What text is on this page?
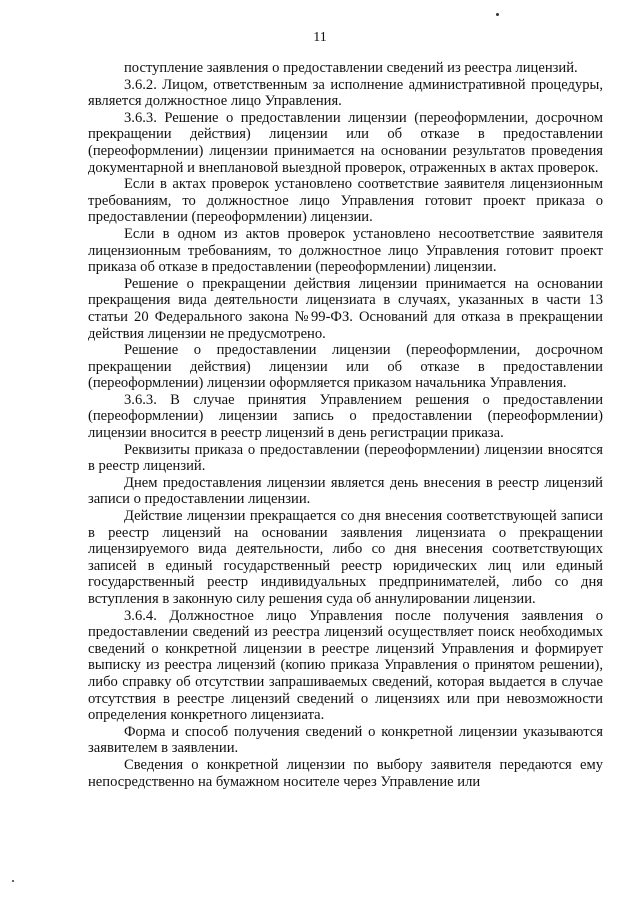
11

поступление заявления о предоставлении сведений из реестра лицензий.

3.6.2. Лицом, ответственным за исполнение административной процедуры, является должностное лицо Управления.

3.6.3. Решение о предоставлении лицензии (переоформлении, досрочном прекращении действия) лицензии или об отказе в предоставлении (переоформлении) лицензии принимается на основании результатов проведения документарной и внеплановой выездной проверок, отраженных в актах проверок.

Если в актах проверок установлено соответствие заявителя лицензионным требованиям, то должностное лицо Управления готовит проект приказа о предоставлении (переоформлении) лицензии.

Если в одном из актов проверок установлено несоответствие заявителя лицензионным требованиям, то должностное лицо Управления готовит проект приказа об отказе в предоставлении (переоформлении) лицензии.

Решение о прекращении действия лицензии принимается на основании прекращения вида деятельности лицензиата в случаях, указанных в части 13 статьи 20 Федерального закона №99-ФЗ. Оснований для отказа в прекращении действия лицензии не предусмотрено.

Решение о предоставлении лицензии (переоформлении, досрочном прекращении действия) лицензии или об отказе в предоставлении (переоформлении) лицензии оформляется приказом начальника Управления.

3.6.3. В случае принятия Управлением решения о предоставлении (переоформлении) лицензии запись о предоставлении (переоформлении) лицензии вносится в реестр лицензий в день регистрации приказа.

Реквизиты приказа о предоставлении (переоформлении) лицензии вносятся в реестр лицензий.

Днем предоставления лицензии является день внесения в реестр лицензий записи о предоставлении лицензии.

Действие лицензии прекращается со дня внесения соответствующей записи в реестр лицензий на основании заявления лицензиата о прекращении лицензируемого вида деятельности, либо со дня внесения соответствующих записей в единый государственный реестр юридических лиц или единый государственный реестр индивидуальных предпринимателей, либо со дня вступления в законную силу решения суда об аннулировании лицензии.

3.6.4. Должностное лицо Управления после получения заявления о предоставлении сведений из реестра лицензий осуществляет поиск необходимых сведений о конкретной лицензии в реестре лицензий Управления и формирует выписку из реестра лицензий (копию приказа Управления о принятом решении), либо справку об отсутствии запрашиваемых сведений, которая выдается в случае отсутствия в реестре лицензий сведений о лицензиях или при невозможности определения конкретного лицензиата.

Форма и способ получения сведений о конкретной лицензии указываются заявителем в заявлении.

Сведения о конкретной лицензии по выбору заявителя передаются ему непосредственно на бумажном носителе через Управление или
